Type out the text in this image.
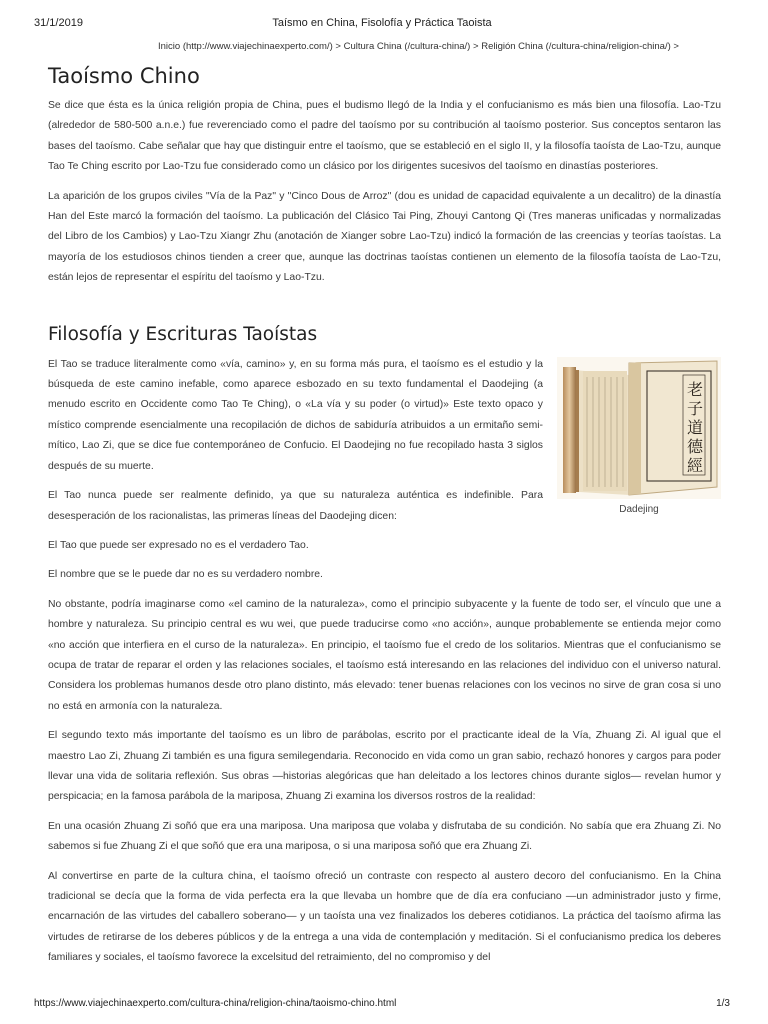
31/1/2019	Taísmo en China, Fisolofía y Práctica Taoista
Inicio (http://www.viajechinaexperto.com/) > Cultura China (/cultura-china/) > Religión China (/cultura-china/religion-china/) >
Taoísmo Chino

Se dice que ésta es la única religión propia de China, pues el budismo llegó de la India y el confucianismo es más bien una filosofía. Lao-Tzu (alrededor de 580-500 a.n.e.) fue reverenciado como el padre del taoísmo por su contribución al taoísmo posterior. Sus conceptos sentaron las bases del taoísmo. Cabe señalar que hay que distinguir entre el taoísmo, que se estableció en el siglo II, y la filosofía taoísta de Lao-Tzu, aunque Tao Te Ching escrito por Lao-Tzu fue considerado como un clásico por los dirigentes sucesivos del taoísmo en dinastías posteriores.

La aparición de los grupos civiles "Vía de la Paz" y "Cinco Dous de Arroz" (dou es unidad de capacidad equivalente a un decalitro) de la dinastía Han del Este marcó la formación del taoísmo. La publicación del Clásico Tai Ping, Zhouyi Cantong Qi (Tres maneras unificadas y normalizadas del Libro de los Cambios) y Lao-Tzu Xiangr Zhu (anotación de Xianger sobre Lao-Tzu) indicó la formación de las creencias y teorías taoístas. La mayoría de los estudiosos chinos tienden a creer que, aunque las doctrinas taoístas contienen un elemento de la filosofía taoísta de Lao-Tzu, están lejos de representar el espíritu del taoísmo y Lao-Tzu.

Filosofía y Escrituras Taoístas
老
子
道
德
經
Dadejing

El Tao se traduce literalmente como «vía, camino» y, en su forma más pura, el taoísmo es el estudio y la búsqueda de este camino inefable, como aparece esbozado en su texto fundamental el Daodejing (a menudo escrito en Occidente como Tao Te Ching), o «La vía y su poder (o virtud)» Este texto opaco y místico comprende esencialmente una recopilación de dichos de sabiduría atribuidos a un ermitaño semi-mítico, Lao Zi, que se dice fue contemporáneo de Confucio. El Daodejing no fue recopilado hasta 3 siglos después de su muerte.

El Tao nunca puede ser realmente definido, ya que su naturaleza auténtica es indefinible. Para desesperación de los racionalistas, las primeras líneas del Daodejing dicen:

El Tao que puede ser expresado no es el verdadero Tao.

El nombre que se le puede dar no es su verdadero nombre.

No obstante, podría imaginarse como «el camino de la naturaleza», como el principio subyacente y la fuente de todo ser, el vínculo que une a hombre y naturaleza. Su principio central es wu wei, que puede traducirse como «no acción», aunque probablemente se entienda mejor como «no acción que interfiera en el curso de la naturaleza». En principio, el taoísmo fue el credo de los solitarios. Mientras que el confucianismo se ocupa de tratar de reparar el orden y las relaciones sociales, el taoísmo está interesando en las relaciones del individuo con el universo natural. Considera los problemas humanos desde otro plano distinto, más elevado: tener buenas relaciones con los vecinos no sirve de gran cosa si uno no está en armonía con la naturaleza.

El segundo texto más importante del taoísmo es un libro de parábolas, escrito por el practicante ideal de la Vía, Zhuang Zi. Al igual que el maestro Lao Zi, Zhuang Zi también es una figura semilegendaria. Reconocido en vida como un gran sabio, rechazó honores y cargos para poder llevar una vida de solitaria reflexión. Sus obras —historias alegóricas que han deleitado a los lectores chinos durante siglos— revelan humor y perspicacia; en la famosa parábola de la mariposa, Zhuang Zi examina los diversos rostros de la realidad:

En una ocasión Zhuang Zi soñó que era una mariposa. Una mariposa que volaba y disfrutaba de su condición. No sabía que era Zhuang Zi. No sabemos si fue Zhuang Zi el que soñó que era una mariposa, o si una mariposa soñó que era Zhuang Zi.

Al convertirse en parte de la cultura china, el taoísmo ofreció un contraste con respecto al austero decoro del confucianismo. En la China tradicional se decía que la forma de vida perfecta era la que llevaba un hombre que de día era confuciano —un administrador justo y firme, encarnación de las virtudes del caballero soberano— y un taoísta una vez finalizados los deberes cotidianos. La práctica del taoísmo afirma las virtudes de retirarse de los deberes públicos y de la entrega a una vida de contemplación y meditación. Si el confucianismo predica los deberes familiares y sociales, el taoísmo favorece la excelsitud del retraimiento, del no compromiso y del

https://www.viajechinaexperto.com/cultura-china/religion-china/taoismo-chino.html	1/3
